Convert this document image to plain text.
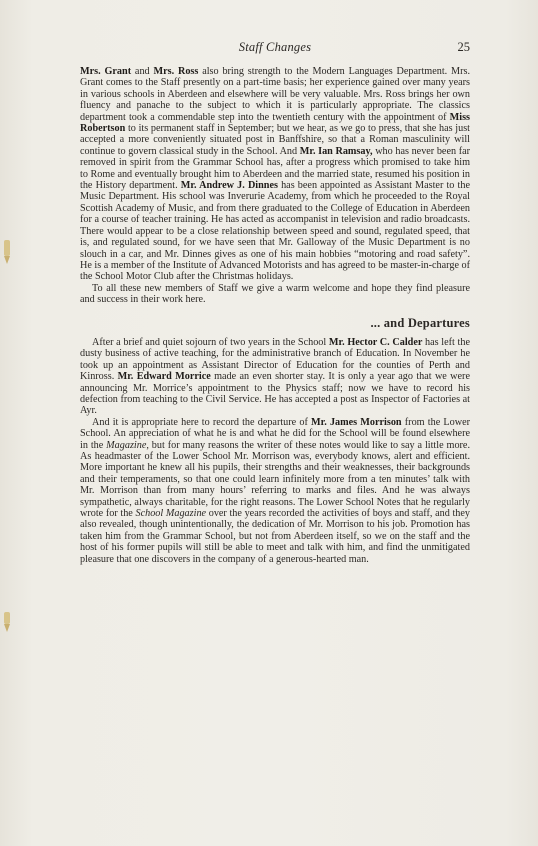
Staff Changes	25

Mrs. Grant and Mrs. Ross also bring strength to the Modern Languages Department. Mrs. Grant comes to the Staff presently on a part-time basis; her experience gained over many years in various schools in Aberdeen and elsewhere will be very valuable. Mrs. Ross brings her own fluency and panache to the subject to which it is particularly appropriate. The classics department took a commendable step into the twentieth century with the appointment of Miss Robertson to its permanent staff in September; but we hear, as we go to press, that she has just accepted a more conveniently situated post in Banffshire, so that a Roman masculinity will continue to govern classical study in the School. And Mr. Ian Ramsay, who has never been far removed in spirit from the Grammar School has, after a progress which promised to take him to Rome and eventually brought him to Aberdeen and the married state, resumed his position in the History department. Mr. Andrew J. Dinnes has been appointed as Assistant Master to the Music Department. His school was Inverurie Academy, from which he proceeded to the Royal Scottish Academy of Music, and from there graduated to the College of Education in Aberdeen for a course of teacher training. He has acted as accompanist in television and radio broadcasts. There would appear to be a close relationship between speed and sound, regulated speed, that is, and regulated sound, for we have seen that Mr. Galloway of the Music Department is no slouch in a car, and Mr. Dinnes gives as one of his main hobbies “motoring and road safety”. He is a member of the Institute of Advanced Motorists and has agreed to be master-in-charge of the School Motor Club after the Christmas holidays.

To all these new members of Staff we give a warm welcome and hope they find pleasure and success in their work here.

... and Departures

After a brief and quiet sojourn of two years in the School Mr. Hector C. Calder has left the dusty business of active teaching, for the administrative branch of Education. In November he took up an appointment as Assistant Director of Education for the counties of Perth and Kinross. Mr. Edward Morrice made an even shorter stay. It is only a year ago that we were announcing Mr. Morrice’s appointment to the Physics staff; now we have to record his defection from teaching to the Civil Service. He has accepted a post as Inspector of Factories at Ayr.

And it is appropriate here to record the departure of Mr. James Morrison from the Lower School. An appreciation of what he is and what he did for the School will be found elsewhere in the Magazine, but for many reasons the writer of these notes would like to say a little more. As headmaster of the Lower School Mr. Morrison was, everybody knows, alert and efficient. More important he knew all his pupils, their strengths and their weaknesses, their backgrounds and their temperaments, so that one could learn infinitely more from a ten minutes’ talk with Mr. Morrison than from many hours’ referring to marks and files. And he was always sympathetic, always charitable, for the right reasons. The Lower School Notes that he regularly wrote for the School Magazine over the years recorded the activities of boys and staff, and they also revealed, though unintentionally, the dedication of Mr. Morrison to his job. Promotion has taken him from the Grammar School, but not from Aberdeen itself, so we on the staff and the host of his former pupils will still be able to meet and talk with him, and find the unmitigated pleasure that one discovers in the company of a generous-hearted man.
